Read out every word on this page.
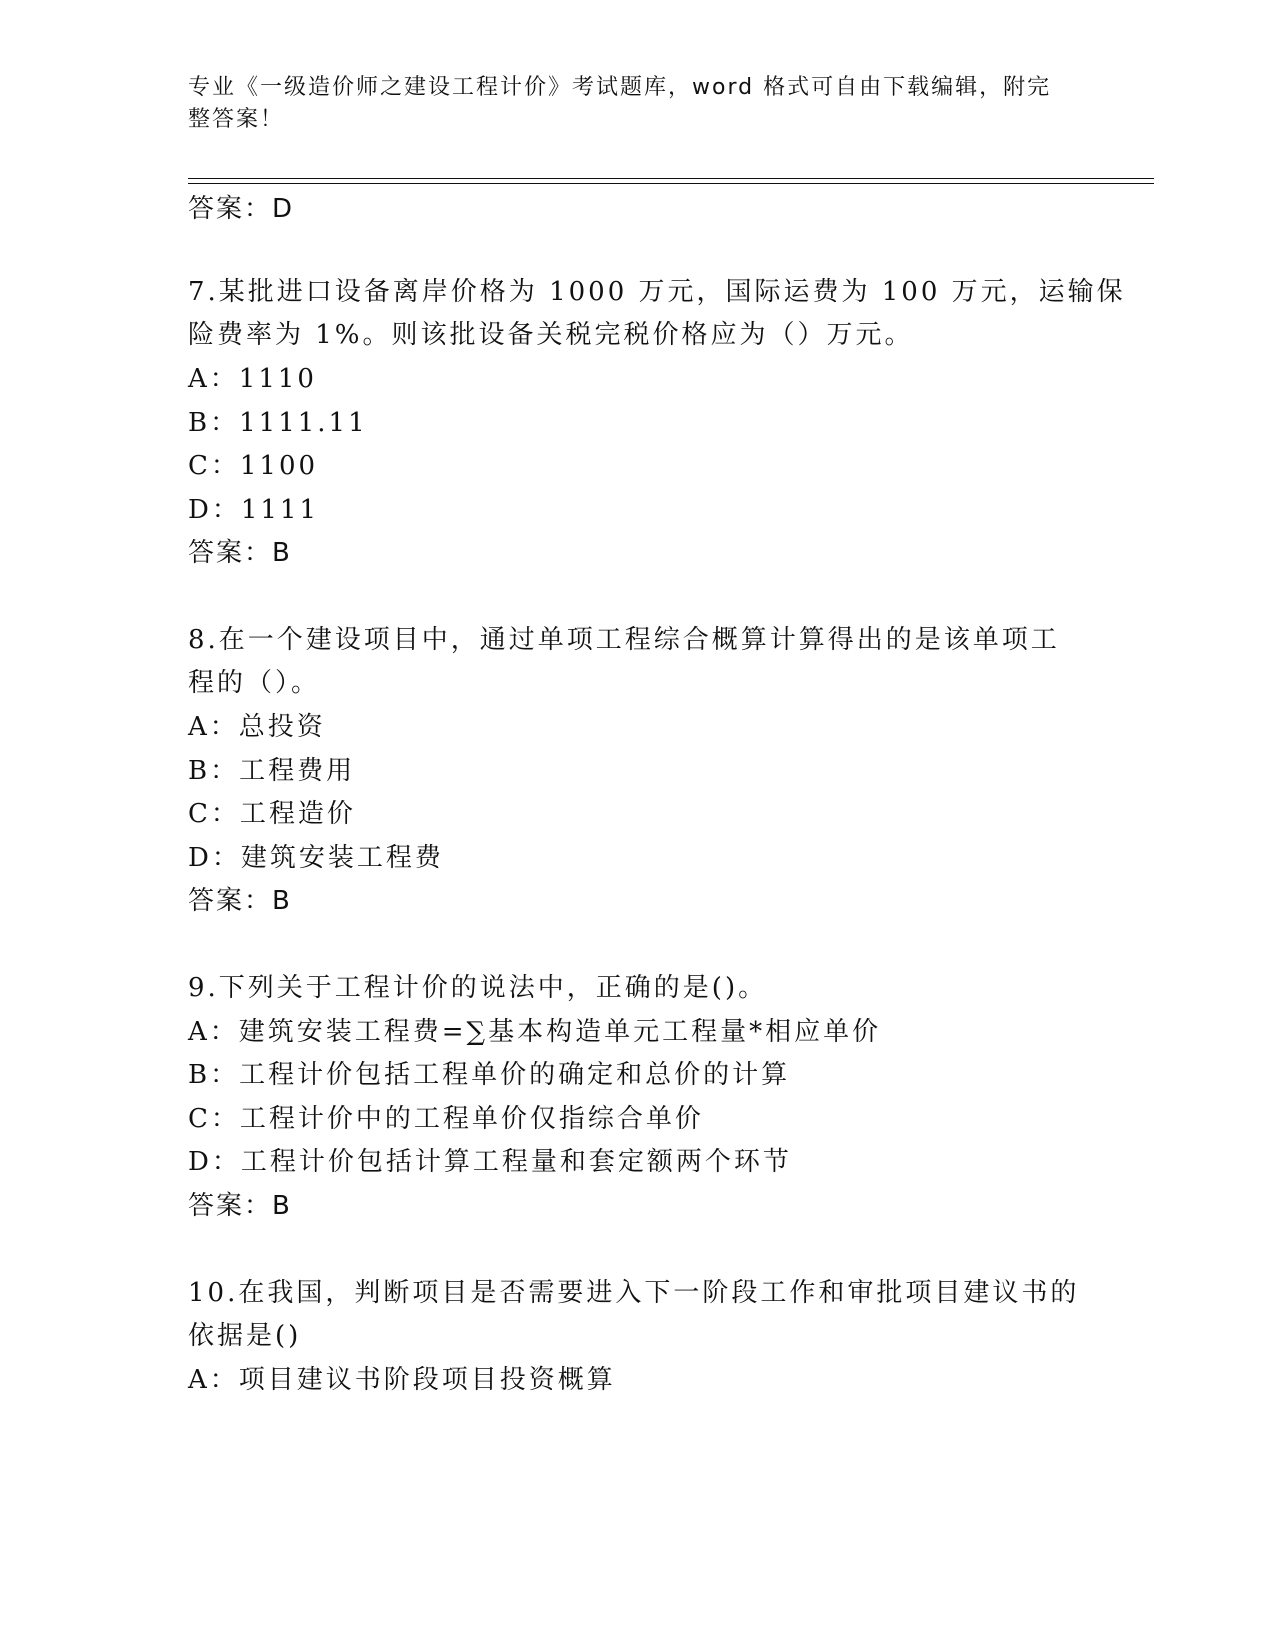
专业《一级造价师之建设工程计价》考试题库，word 格式可自由下载编辑，附完
整答案！
答案：D
7.某批进口设备离岸价格为 1000 万元，国际运费为 100 万元，运输保
险费率为 1%。则该批设备关税完税价格应为（）万元。
A：1110
B：1111.11
C：1100
D：1111
答案：B
8.在一个建设项目中，通过单项工程综合概算计算得出的是该单项工
程的（）。
A：总投资
B：工程费用
C：工程造价
D：建筑安装工程费
答案：B
9.下列关于工程计价的说法中，正确的是()。
A：建筑安装工程费=∑基本构造单元工程量*相应单价
B：工程计价包括工程单价的确定和总价的计算
C：工程计价中的工程单价仅指综合单价
D：工程计价包括计算工程量和套定额两个环节
答案：B
10.在我国，判断项目是否需要进入下一阶段工作和审批项目建议书的
依据是()
A：项目建议书阶段项目投资概算
